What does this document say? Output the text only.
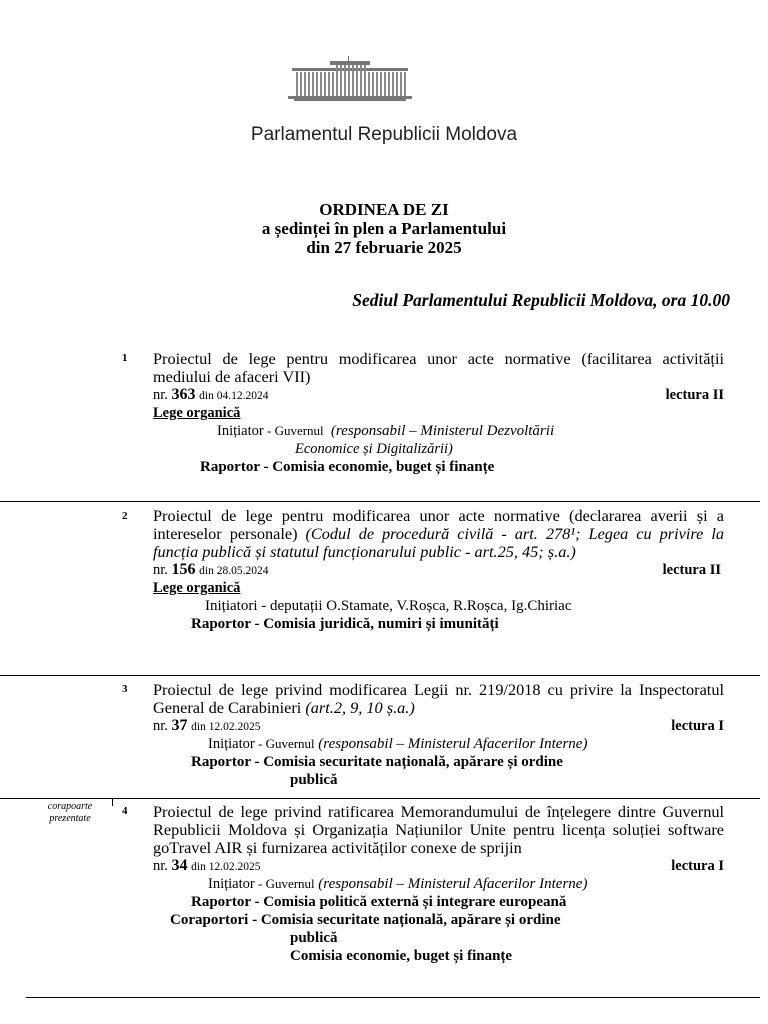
Parlamentul Republicii Moldova
ORDINEA DE ZI
a ședinței în plen a Parlamentului
din 27 februarie 2025
Sediul Parlamentului Republicii Moldova, ora 10.00
1 Proiectul de lege pentru modificarea unor acte normative (facilitarea activității mediului de afaceri VII)
nr. 363 din 04.12.2024	lectura II
Lege organică
Inițiator - Guvernul (responsabil – Ministerul Dezvoltării
Economice și Digitalizării)
Raportor - Comisia economie, buget și finanțe
2 Proiectul de lege pentru modificarea unor acte normative (declararea averii și a intereselor personale) (Codul de procedură civilă - art. 278¹; Legea cu privire la funcția publică și statutul funcționarului public - art.25, 45; ș.a.)
nr. 156 din 28.05.2024	lectura II
Lege organică
Inițiatori - deputații O.Stamate, V.Roșca, R.Roșca, Ig.Chiriac
Raportor - Comisia juridică, numiri și imunități
3 Proiectul de lege privind modificarea Legii nr. 219/2018 cu privire la Inspectoratul General de Carabinieri (art.2, 9, 10 ș.a.)
nr. 37 din 12.02.2025	lectura I
Inițiator - Guvernul (responsabil – Ministerul Afacerilor Interne)
Raportor - Comisia securitate națională, apărare și ordine
publică
corapoarte
prezentate
4 Proiectul de lege privind ratificarea Memorandumului de înțelegere dintre Guvernul Republicii Moldova și Organizația Națiunilor Unite pentru licența soluției software goTravel AIR și furnizarea activităților conexe de sprijin
nr. 34 din 12.02.2025	lectura I
Inițiator - Guvernul (responsabil – Ministerul Afacerilor Interne)
Raportor - Comisia politică externă și integrare europeană
Coraportori - Comisia securitate națională, apărare și ordine
publică
Comisia economie, buget și finanțe
